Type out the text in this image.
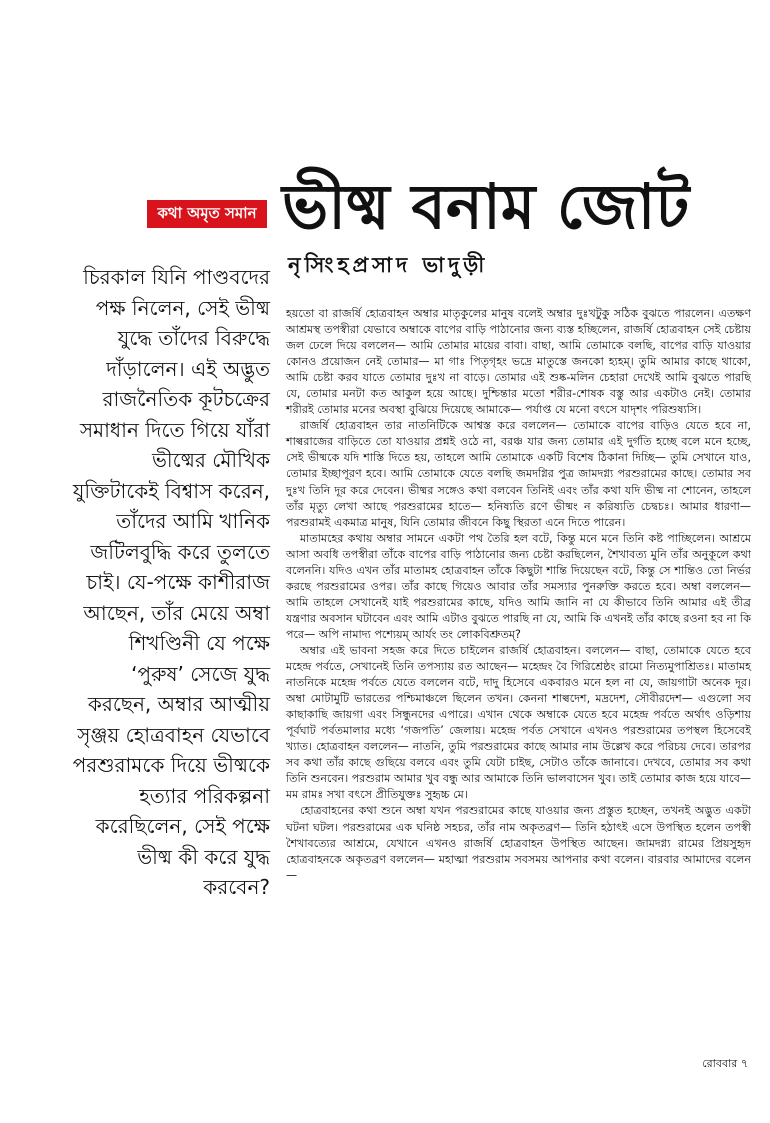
কথা অমৃত সমান ভীষ্ম বনাম জোট
নৃসিংহপ্রসাদ ভাদুড়ী

চিরকাল যিনি পাণ্ডবদের পক্ষ নিলেন, সেই ভীষ্ম যুদ্ধে তাঁদের বিরুদ্ধে দাঁড়ালেন। এই অদ্ভুত রাজনৈতিক কূটচক্রের সমাধান দিতে গিয়ে যাঁরা ভীষ্মের মৌখিক যুক্তিটাকেই বিশ্বাস করেন, তাঁদের আমি খানিক জটিলবুদ্ধি করে তুলতে চাই। যে-পক্ষে কাশীরাজ আছেন, তাঁর মেয়ে অম্বা শিখণ্ডিনী যে পক্ষে ‘পুরুষ’ সেজে যুদ্ধ করছেন, অম্বার আত্মীয় সৃঞ্জয় হোত্রবাহন যেভাবে পরশুরামকে দিয়ে ভীষ্মকে হত্যার পরিকল্পনা করেছিলেন, সেই পক্ষে ভীষ্ম কী করে যুদ্ধ করবেন?

হয়তো বা রাজর্ষি হোত্রবাহন অম্বার মাতৃকুলের মানুষ বলেই অম্বার দুঃখটুকু সঠিক বুঝতে পারলেন। এতক্ষণ আশ্রমস্থ তপস্বীরা যেভাবে অম্বাকে বাপের বাড়ি পাঠানোর জন্য ব্যস্ত হচ্ছিলেন, রাজর্ষি হোত্রবাহন সেই চেষ্টায় জল ঢেলে দিয়ে বললেন— আমি তোমার মায়ের বাবা। বাছা, আমি তোমাকে বলছি, বাপের বাড়ি যাওয়ার কোনও প্রয়োজন নেই তোমার— মা গাঃ পিতৃগৃহং ভদ্রে মাতুস্তে জনকো হ্যহম্‌। তুমি আমার কাছে থাকো, আমি চেষ্টা করব যাতে তোমার দুঃখ না বাড়ে। তোমার এই শুষ্ক-মলিন চেহারা দেখেই আমি বুঝতে পারছি যে, তোমার মনটা কত আকুল হয়ে আছে। দুশ্চিন্তার মতো শরীর-শোষক বস্তু আর একটাও নেই। তোমার শরীরই তোমার মনের অবস্থা বুঝিয়ে দিয়েছে আমাকে— পর্যাপ্ত যে মনো বৎসে যাদৃশং পরিশুষ্যসি।

রাজর্ষি হোত্রবাহন তার নাতনিটিকে আশ্বস্ত করে বললেন— তোমাকে বাপের বাড়িও যেতে হবে না, শাল্বরাজের বাড়িতে তো যাওয়ার প্রশ্নই ওঠে না, বরঞ্চ যার জন্য তোমার এই দুর্গতি হচ্ছে বলে মনে হচ্ছে, সেই ভীষ্মকে যদি শাস্তি দিতে হয়, তাহলে আমি তোমাকে একটি বিশেষ ঠিকানা দিচ্ছি— তুমি সেখানে যাও, তোমার ইচ্ছাপূরণ হবে। আমি তোমাকে যেতে বলছি জমদগ্নির পুত্র জামদগ্ন্য পরশুরামের কাছে। তোমার সব দুঃখ তিনি দূর করে দেবেন। ভীষ্মর সঙ্গেও কথা বলবেন তিনিই এবং তাঁর কথা যদি ভীষ্ম না শোনেন, তাহলে তাঁর মৃত্যু লেখা আছে পরশুরামের হাতে— হনিষ্যতি রণে ভীষ্মং ন করিষ্যতি চেদ্বচঃ। আমার ধারণা— পরশুরামই একমাত্র মানুষ, যিনি তোমার জীবনে কিছু স্থিরতা এনে দিতে পারেন।

মাতামহের কথায় অম্বার সামনে একটা পথ তৈরি হল বটে, কিন্তু মনে মনে তিনি কষ্ট পাচ্ছিলেন। আশ্রমে আসা অবধি তপস্বীরা তাঁকে বাপের বাড়ি পাঠানোর জন্য চেষ্টা করছিলেন, শৈখাবত্য মুনি তাঁর অনুকূলে কথা বলেননি। যদিও এখন তাঁর মাতামহ হোত্রবাহন তাঁকে কিছুটা শান্তি দিয়েছেন বটে, কিন্তু সে শান্তিও তো নির্ভর করছে পরশুরামের ওপর। তাঁর কাছে গিয়েও আবার তাঁর সমস্যার পুনরুক্তি করতে হবে। অম্বা বললেন— আমি তাহলে সেখানেই যাই পরশুরামের কাছে, যদিও আমি জানি না যে কীভাবে তিনি আমার এই তীব্র যন্ত্রণার অবসান ঘটাবেন এবং আমি এটাও বুঝতে পারছি না যে, আমি কি এখনই তাঁর কাছে রওনা হব না কি পরে— অপি নামাদ্য পশ্যেয়ম্‌ আর্যং তং লোকবিশ্রুতম্‌?

অম্বার এই ভাবনা সহজ করে দিতে চাইলেন রাজর্ষি হোত্রবাহন। বললেন— বাছা, তোমাকে যেতে হবে মহেন্দ্র পর্বতে, সেখানেই তিনি তপস্যায় রত আছেন— মহেন্দ্রং বৈ গিরিশ্রেষ্ঠং রামো নিত্যমুপাশ্রিতঃ। মাতামহ নাতনিকে মহেন্দ্র পর্বতে যেতে বললেন বটে, দাদু হিসেবে একবারও মনে হল না যে, জায়গাটা অনেক দূর। অম্বা মোটামুটি ভারতের পশ্চিমাঞ্চলে ছিলেন তখন। কেননা শাল্বদেশ, মদ্রদেশ, সৌবীরদেশ— এগুলো সব কাছাকাছি জায়গা এবং সিন্ধুনদের এপারে। এখান থেকে অম্বাকে যেতে হবে মহেন্দ্র পর্বতে অর্থাৎ ওড়িশায় পূর্বঘাট পর্বতমালার মধ্যে ‘গজপতি’ জেলায়। মহেন্দ্র পর্বত সেখানে এখনও পরশুরামের তপস্থল হিসেবেই খ্যাত। হোত্রবাহন বললেন— নাতনি, তুমি পরশুরামের কাছে আমার নাম উল্লেখ করে পরিচয় দেবে। তারপর সব কথা তাঁর কাছে গুছিয়ে বলবে এবং তুমি যেটা চাইছ, সেটাও তাঁকে জানাবে। দেখবে, তোমার সব কথা তিনি শুনবেন। পরশুরাম আমার খুব বন্ধু আর আমাকে তিনি ভালবাসেন খুব। তাই তোমার কাজ হয়ে যাবে— মম রামঃ সখা বৎসে প্রীতিযুক্তঃ সুহৃচ্চ মে।

হোত্রবাহনের কথা শুনে অম্বা যখন পরশুরামের কাছে যাওয়ার জন্য প্রস্তুত হচ্ছেন, তখনই অদ্ভুত একটা ঘটনা ঘটল। পরশুরামের এক ঘনিষ্ঠ সহচর, তাঁর নাম অকৃতব্রণ— তিনি হঠাৎই এসে উপস্থিত হলেন তপস্বী শৈখাবত্যের আশ্রমে, যেখানে এখনও রাজর্ষি হোত্রবাহন উপস্থিত আছেন। জামদগ্ন্য রামের প্রিয়সুহৃদ হোত্রবাহনকে অকৃতব্রণ বললেন— মহাত্মা পরশুরাম সবসময় আপনার কথা বলেন। বারবার আমাদের বলেন—

রোববার ৭
